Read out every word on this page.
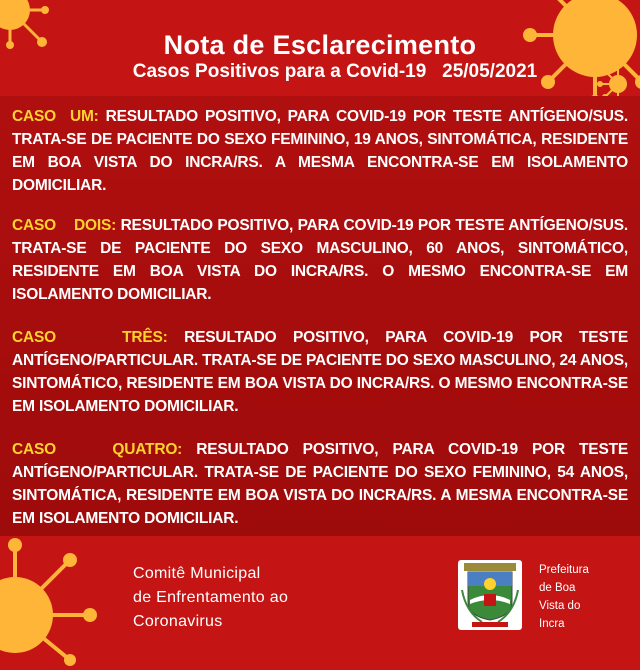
Nota de Esclarecimento
Casos Positivos para a Covid-19   25/05/2021
CASO  UM: RESULTADO POSITIVO, PARA COVID-19 POR TESTE ANTÍGENO/SUS. TRATA-SE DE PACIENTE DO SEXO FEMININO, 19 ANOS, SINTOMÁTICA, RESIDENTE EM BOA VISTA DO INCRA/RS. A MESMA ENCONTRA-SE EM ISOLAMENTO DOMICILIAR.
CASO    DOIS: RESULTADO POSITIVO, PARA COVID-19 POR TESTE ANTÍGENO/SUS. TRATA-SE DE PACIENTE DO SEXO MASCULINO, 60 ANOS, SINTOMÁTICO, RESIDENTE EM BOA VISTA DO INCRA/RS. O MESMO ENCONTRA-SE EM ISOLAMENTO DOMICILIAR.
CASO    TRÊS: RESULTADO POSITIVO, PARA COVID-19 POR TESTE ANTÍGENO/PARTICULAR. TRATA-SE DE PACIENTE DO SEXO MASCULINO, 24 ANOS, SINTOMÁTICO, RESIDENTE EM BOA VISTA DO INCRA/RS. O MESMO ENCONTRA-SE EM ISOLAMENTO DOMICILIAR.
CASO    QUATRO: RESULTADO POSITIVO, PARA COVID-19 POR TESTE ANTÍGENO/PARTICULAR. TRATA-SE DE PACIENTE DO SEXO FEMININO, 54 ANOS, SINTOMÁTICA, RESIDENTE EM BOA VISTA DO INCRA/RS. A MESMA ENCONTRA-SE EM ISOLAMENTO DOMICILIAR.
Comitê Municipal
de Enfrentamento ao
Coronavirus
Prefeitura
de Boa
Vista do
Incra
